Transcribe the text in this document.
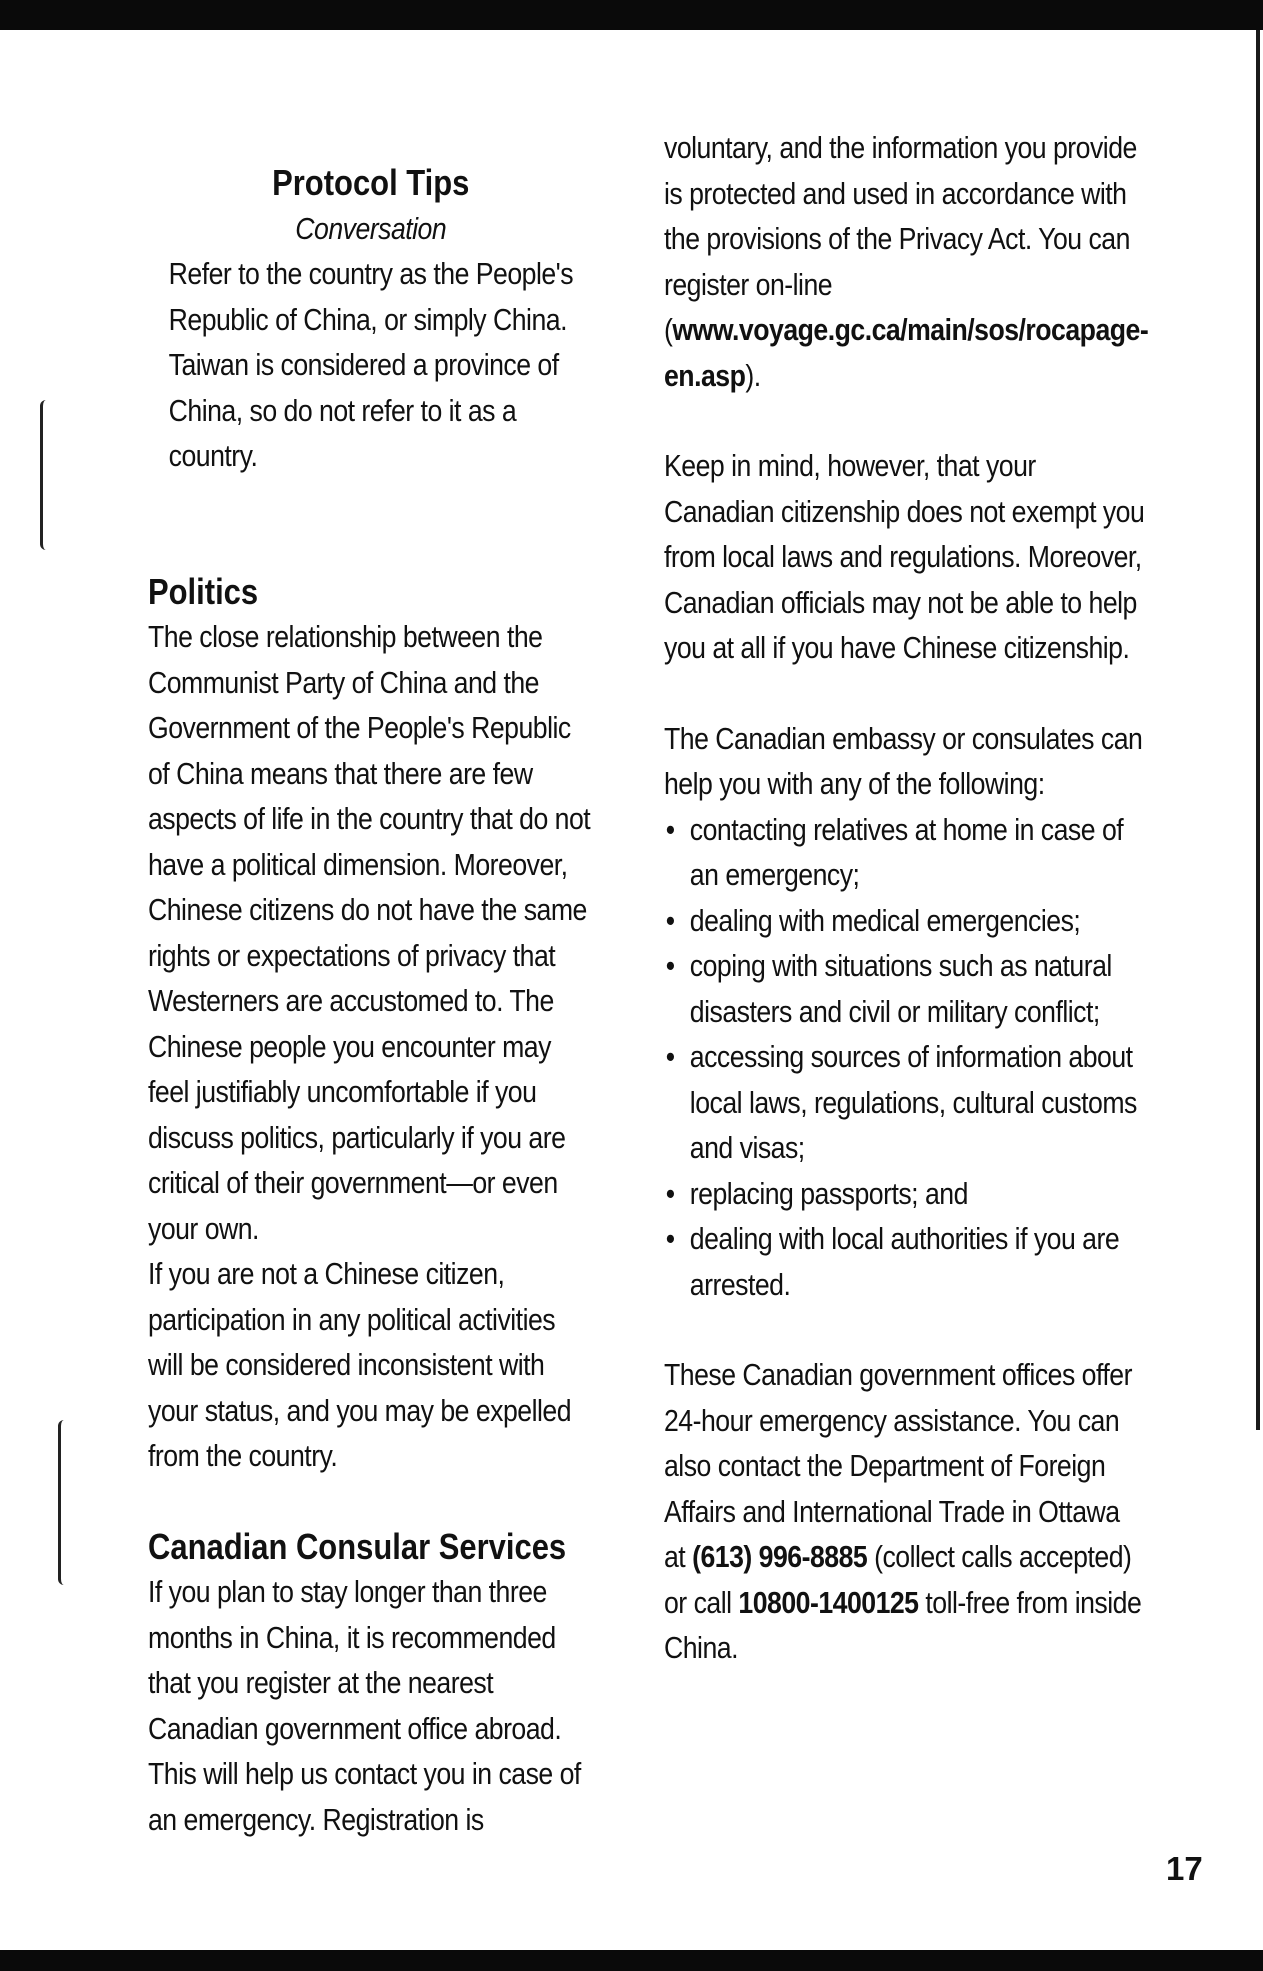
Protocol Tips
Conversation

Refer to the country as the People's Republic of China, or simply China. Taiwan is considered a province of China, so do not refer to it as a country.

Politics

The close relationship between the Communist Party of China and the Government of the People's Republic of China means that there are few aspects of life in the country that do not have a political dimension. Moreover, Chinese citizens do not have the same rights or expectations of privacy that Westerners are accustomed to. The Chinese people you encounter may feel justifiably uncomfortable if you discuss politics, particularly if you are critical of their government—or even your own.

If you are not a Chinese citizen, participation in any political activities will be considered inconsistent with your status, and you may be expelled from the country.

Canadian Consular Services

If you plan to stay longer than three months in China, it is recommended that you register at the nearest Canadian government office abroad. This will help us contact you in case of an emergency. Registration is

voluntary, and the information you provide is protected and used in accordance with the provisions of the Privacy Act. You can register on-line (www.voyage.gc.ca/main/sos/rocapage-en.asp).

Keep in mind, however, that your Canadian citizenship does not exempt you from local laws and regulations. Moreover, Canadian officials may not be able to help you at all if you have Chinese citizenship.

The Canadian embassy or consulates can help you with any of the following:

• contacting relatives at home in case of an emergency;
• dealing with medical emergencies;
• coping with situations such as natural disasters and civil or military conflict;
• accessing sources of information about local laws, regulations, cultural customs and visas;
• replacing passports; and
• dealing with local authorities if you are arrested.

These Canadian government offices offer 24-hour emergency assistance. You can also contact the Department of Foreign Affairs and International Trade in Ottawa at (613) 996-8885 (collect calls accepted) or call 10800-1400125 toll-free from inside China.

17
